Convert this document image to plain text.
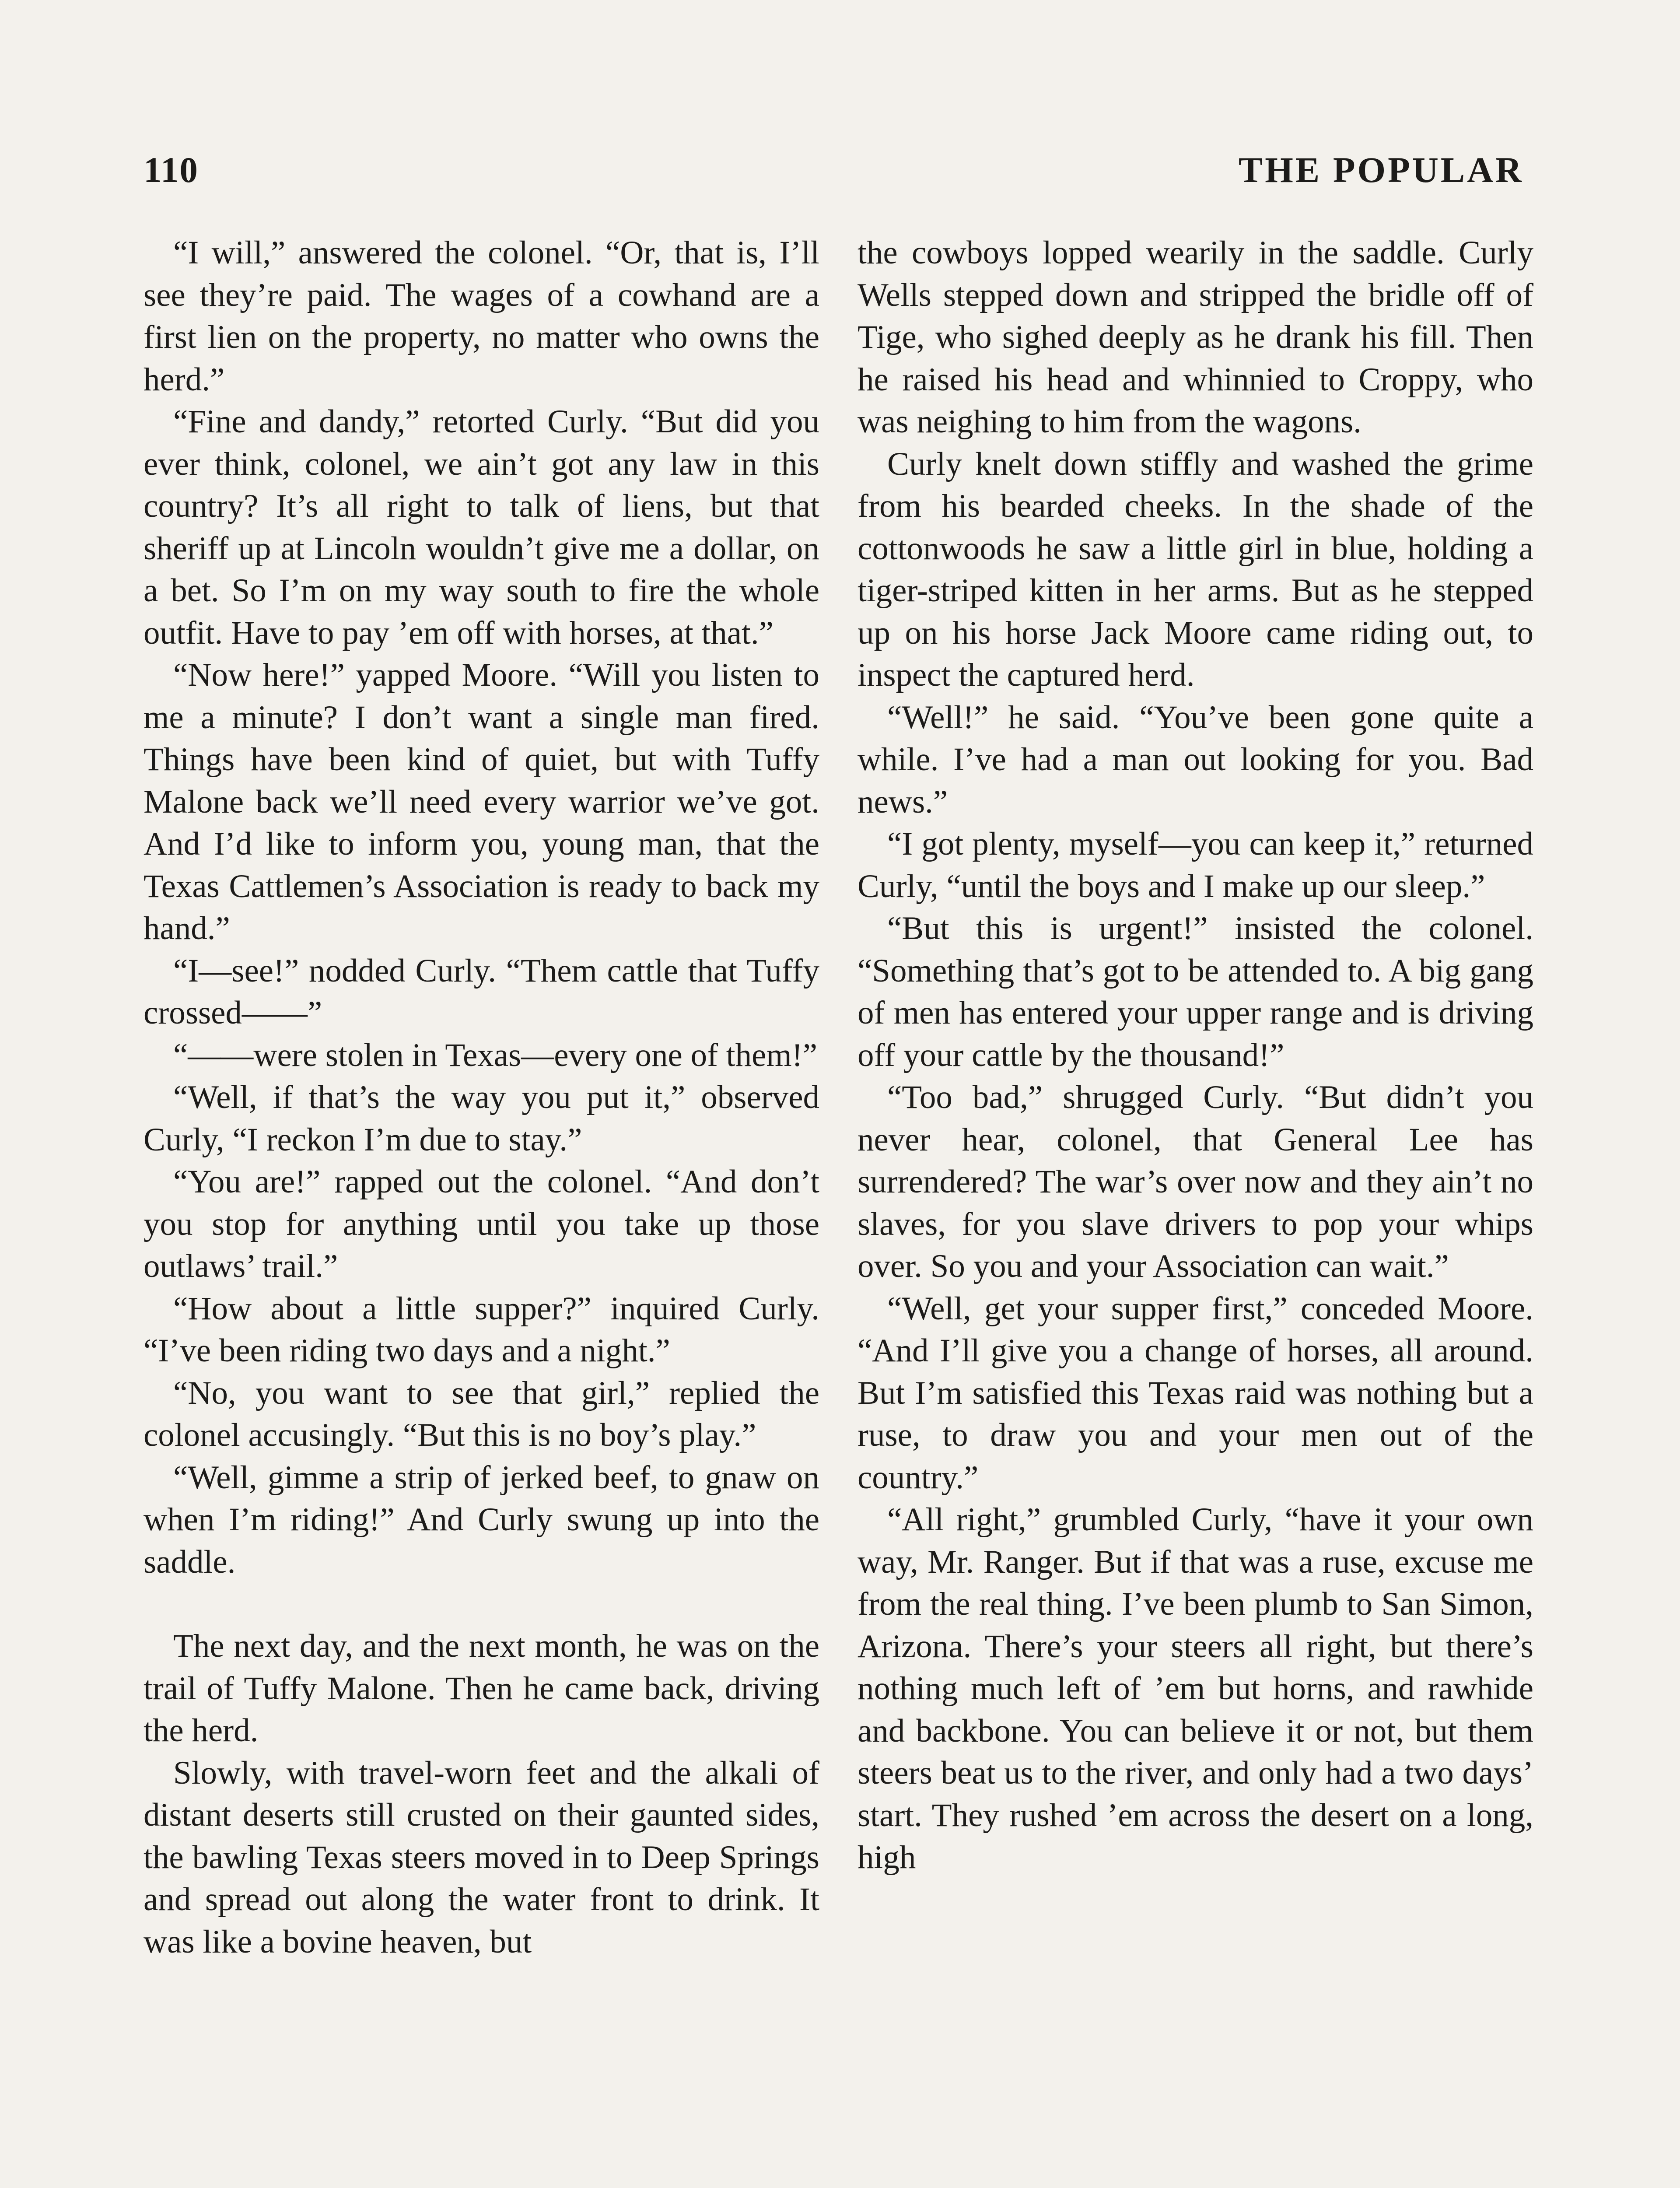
110	THE POPULAR

“I will,” answered the colonel. “Or, that is, I’ll see they’re paid. The wages of a cowhand are a first lien on the property, no matter who owns the herd.”

“Fine and dandy,” retorted Curly. “But did you ever think, colonel, we ain’t got any law in this country? It’s all right to talk of liens, but that sheriff up at Lincoln wouldn’t give me a dollar, on a bet. So I’m on my way south to fire the whole outfit. Have to pay ’em off with horses, at that.”

“Now here!” yapped Moore. “Will you listen to me a minute? I don’t want a single man fired. Things have been kind of quiet, but with Tuffy Malone back we’ll need every warrior we’ve got. And I’d like to inform you, young man, that the Texas Cattlemen’s Association is ready to back my hand.”

“I—see!” nodded Curly. “Them cattle that Tuffy crossed——”

“——were stolen in Texas—every one of them!”

“Well, if that’s the way you put it,” observed Curly, “I reckon I’m due to stay.”

“You are!” rapped out the colonel. “And don’t you stop for anything until you take up those outlaws’ trail.”

“How about a little supper?” inquired Curly. “I’ve been riding two days and a night.”

“No, you want to see that girl,” replied the colonel accusingly. “But this is no boy’s play.”

“Well, gimme a strip of jerked beef, to gnaw on when I’m riding!” And Curly swung up into the saddle.

The next day, and the next month, he was on the trail of Tuffy Malone. Then he came back, driving the herd.

Slowly, with travel-worn feet and the alkali of distant deserts still crusted on their gaunted sides, the bawling Texas steers moved in to Deep Springs and spread out along the water front to drink. It was like a bovine heaven, but

the cowboys lopped wearily in the saddle. Curly Wells stepped down and stripped the bridle off of Tige, who sighed deeply as he drank his fill. Then he raised his head and whinnied to Croppy, who was neighing to him from the wagons.

Curly knelt down stiffly and washed the grime from his bearded cheeks. In the shade of the cottonwoods he saw a little girl in blue, holding a tiger-striped kitten in her arms. But as he stepped up on his horse Jack Moore came riding out, to inspect the captured herd.

“Well!” he said. “You’ve been gone quite a while. I’ve had a man out looking for you. Bad news.”

“I got plenty, myself—you can keep it,” returned Curly, “until the boys and I make up our sleep.”

“But this is urgent!” insisted the colonel. “Something that’s got to be attended to. A big gang of men has entered your upper range and is driving off your cattle by the thousand!”

“Too bad,” shrugged Curly. “But didn’t you never hear, colonel, that General Lee has surrendered? The war’s over now and they ain’t no slaves, for you slave drivers to pop your whips over. So you and your Association can wait.”

“Well, get your supper first,” conceded Moore. “And I’ll give you a change of horses, all around. But I’m satisfied this Texas raid was nothing but a ruse, to draw you and your men out of the country.”

“All right,” grumbled Curly, “have it your own way, Mr. Ranger. But if that was a ruse, excuse me from the real thing. I’ve been plumb to San Simon, Arizona. There’s your steers all right, but there’s nothing much left of ’em but horns, and rawhide and backbone. You can believe it or not, but them steers beat us to the river, and only had a two days’ start. They rushed ’em across the desert on a long, high
